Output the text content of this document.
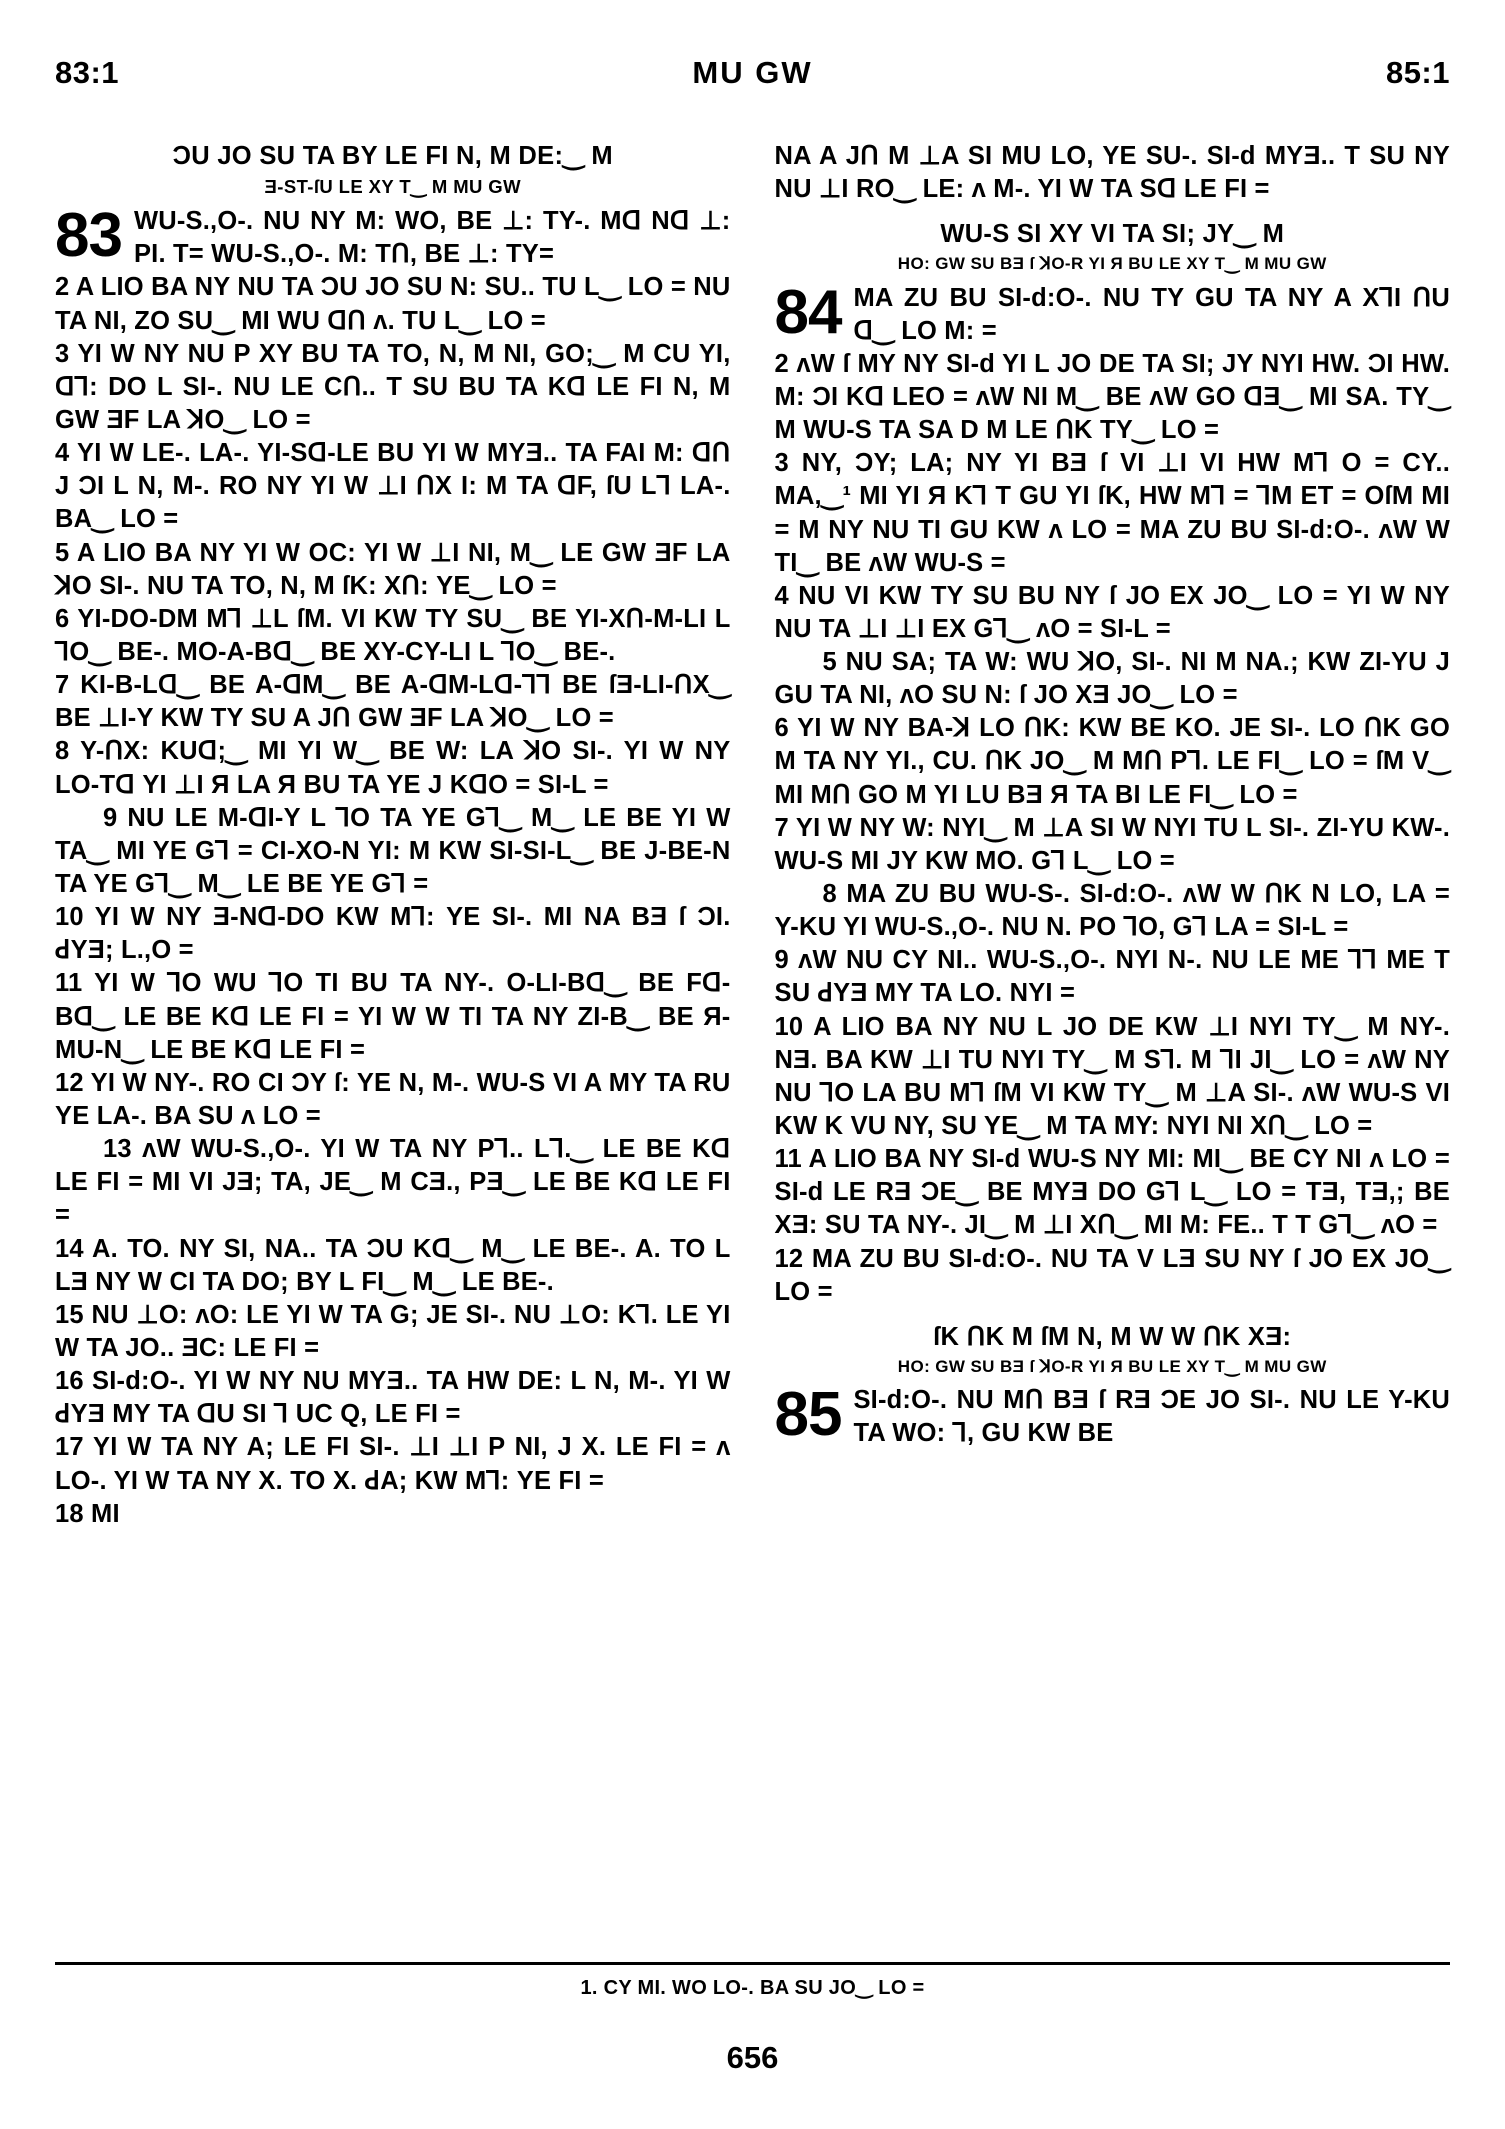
83:1	MU GW	85:1
ƆU JO SU TA BY LE FI N, M DE:‿ M
Ǝ-ST-ſU LE XY T‿ M MU GW
83 WU-S.,O-. NU NY M: WO, BE ⊥: TY-. Mꓷ Nꓷ ⊥: PI. T= WU-S.,O-. M: TՈ, BE ⊥: TY=

2 A LIO BA NY NU TA ƆU JO SU N: SU.. TU L‿ LO = NU TA NI, ZO SU‿ MI WU ꓷՈ ʌ. TU L‿ LO =

3 YI W NY NU P XY BU TA TO, N, M NI, GO;‿ M CU YI, ꓷꓶ: DO L SI-. NU LE CՈ.. T SU BU TA Kꓷ LE FI N, M GW ƎF LA ꓘO‿ LO =

4 YI W LE-. LA-. YI-Sꓷ-LE BU YI W MYƎ.. TA FAI M: ꓷՈ J ƆI L N, M-. RO NY YI W ⊥I ՈX I: M TA ꓷF, ſU Lꓶ LA-. BA‿ LO =

5 A LIO BA NY YI W OC: YI W ⊥I NI, M‿ LE GW ƎF LA ꓘO SI-. NU TA TO, N, M ſK: XՈ: YE‿ LO =

6 YI-DO-DM Mꓶ ⊥L ſM. VI KW TY SU‿ BE YI-XՈ-M-LI L ꓶO‿ BE-. MO-A-Bꓷ‿ BE XY-CY-LI L ꓶO‿ BE-.

7 KI-B-Lꓷ‿ BE A-ꓷM‿ BE A-ꓷM-Lꓷ-ꓶꓶ BE ſƎ-LI-ՈX‿ BE ⊥I-Y KW TY SU A JՈ GW ƎF LA ꓘO‿ LO =

8 Y-ՈX: KUꓷ;‿ MI YI W‿ BE W: LA ꓘO SI-. YI W NY LO-Tꓷ YI ⊥I Я LA Я BU TA YE J KꓷO = SI-L =

9 NU LE M-ꓷI-Y L ꓶO TA YE Gꓶ‿ M‿ LE BE YI W TA‿ MI YE Gꓶ = CI-XO-N YI: M KW SI-SI-L‿ BE J-BE-N TA YE Gꓶ‿ M‿ LE BE YE Gꓶ =

10 YI W NY Ǝ-Nꓷ-DO KW Mꓶ: YE SI-. MI NA BƎ ſ ƆI. ꓒYƎ; L.,O =

11 YI W ꓶO WU ꓶO TI BU TA NY-. O-LI-Bꓷ‿ BE Fꓷ-Bꓷ‿ LE BE Kꓷ LE FI = YI W W TI TA NY ZI-B‿ BE Я-MU-N‿ LE BE Kꓷ LE FI =

12 YI W NY-. RO CI ƆY ſ: YE N, M-. WU-S VI A MY TA RU YE LA-. BA SU ʌ LO =

13 ʌW WU-S.,O-. YI W TA NY Pꓶ.. Lꓶ.‿ LE BE Kꓷ LE FI = MI VI JƎ; TA, JE‿ M CƎ., PƎ‿ LE BE Kꓷ LE FI =

14 A. TO. NY SI, NA.. TA ƆU Kꓷ‿ M‿ LE BE-. A. TO L LƎ NY W CI TA DO; BY L FI‿ M‿ LE BE-.

15 NU ⊥O: ʌO: LE YI W TA G; JE SI-. NU ⊥O: Kꓶ. LE YI W TA JO.. ƎC: LE FI =

16 SI-d:O-. YI W NY NU MYƎ.. TA HW DE: L N, M-. YI W ꓒYƎ MY TA ꓷU SI ꓶ UC Q, LE FI =

17 YI W TA NY A; LE FI SI-. ⊥I ⊥I P NI, J X. LE FI = ʌ LO-. YI W TA NY X. TO X. ꓒA; KW Mꓶ: YE FI =

18 MI

NA A JՈ M ⊥A SI MU LO, YE SU-. SI-d MYƎ.. T SU NY NU ⊥I RO‿ LE: ʌ M-. YI W TA Sꓷ LE FI =

WU-S SI XY VI TA SI; JY‿ M
HO: GW SU BƎ ſ ꓘO-R YI Я BU LE XY T‿ M MU GW
84 MA ZU BU SI-d:O-. NU TY GU TA NY A XꓶI ՈU ꓷ‿ LO M: =

2 ʌW ſ MY NY SI-d YI L JO DE TA SI; JY NYI HW. ƆI HW. M: ƆI Kꓷ LEO = ʌW NI M‿ BE ʌW GO ꓷƎ‿ MI SA. TY‿ M WU-S TA SA D M LE ՈK TY‿ LO =

3 NY, ƆY; LA; NY YI BƎ ſ VI ⊥I VI HW Mꓶ O = CY.. MA,‿¹ MI YI Я Kꓶ T GU YI ſK, HW Mꓶ = ꓶM ET = OſM MI = M NY NU TI GU KW ʌ LO = MA ZU BU SI-d:O-. ʌW W TI‿ BE ʌW WU-S =

4 NU VI KW TY SU BU NY ſ JO EX JO‿ LO = YI W NY NU TA ⊥I ⊥I EX Gꓶ‿ ʌO = SI-L =

5 NU SA; TA W: WU ꓘO, SI-. NI M NA.; KW ZI-YU J GU TA NI, ʌO SU N: ſ JO XƎ JO‿ LO =

6 YI W NY BA-ꓘ LO ՈK: KW BE KO. JE SI-. LO ՈK GO M TA NY YI., CU. ՈK JO‿ M MՈ Pꓶ. LE FI‿ LO = ſM V‿ MI MՈ GO M YI LU BƎ Я TA BI LE FI‿ LO =

7 YI W NY W: NYI‿ M ⊥A SI W NYI TU L SI-. ZI-YU KW-. WU-S MI JY KW MO. Gꓶ L‿ LO =

8 MA ZU BU WU-S-. SI-d:O-. ʌW W ՈK N LO, LA = Y-KU YI WU-S.,O-. NU N. PO ꓶO, Gꓶ LA = SI-L =

9 ʌW NU CY NI.. WU-S.,O-. NYI N-. NU LE ME ꓶꓶ ME T SU ꓒYƎ MY TA LO. NYI =

10 A LIO BA NY NU L JO DE KW ⊥I NYI TY‿ M NY-. NƎ. BA KW ⊥I TU NYI TY‿ M Sꓶ. M ꓶI JI‿ LO = ʌW NY NU ꓶO LA BU Mꓶ ſM VI KW TY‿ M ⊥A SI-. ʌW WU-S VI KW K VU NY, SU YE‿ M TA MY: NYI NI XՈ‿ LO =

11 A LIO BA NY SI-d WU-S NY MI: MI‿ BE CY NI ʌ LO = SI-d LE RƎ ƆE‿ BE MYƎ DO Gꓶ L‿ LO = TƎ, TƎ,; BE XƎ: SU TA NY-. JI‿ M ⊥I XՈ‿ MI M: FE.. T T Gꓶ‿ ʌO =

12 MA ZU BU SI-d:O-. NU TA V LƎ SU NY ſ JO EX JO‿ LO =

ſK ՈK M ſM N, M W W ՈK XƎ:
HO: GW SU BƎ ſ ꓘO-R YI Я BU LE XY T‿ M MU GW
85 SI-d:O-. NU MՈ BƎ ſ RƎ ƆE JO SI-. NU LE Y-KU TA WO: ꓶ, GU KW BE

1. CY MI. WO LO-. BA SU JO‿ LO =
656
